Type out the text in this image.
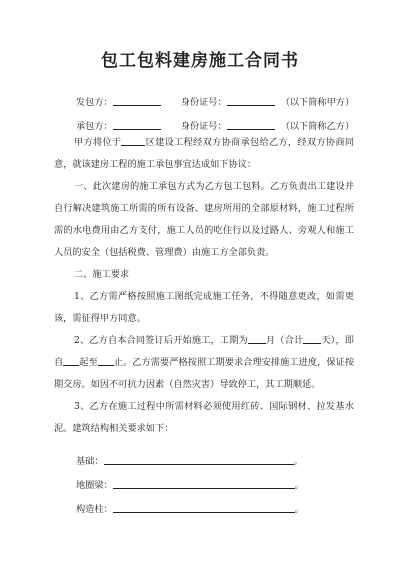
包工包料建房施工合同书
发包方：	身份证号：	（以下简称甲方）
承包方：	身份证号：	（以下简称乙方）

甲方将位于	区建设工程经双方协商承包给乙方，经双方协商同意，就该建房工程的施工承包事宜达成如下协议：

一、此次建房的施工承包方式为乙方包工包料。乙方负责出工建设并自行解决建筑施工所需的所有设备、建房所用的全部原材料，施工过程所需的水电费用由乙方支付，施工人员的吃住行以及过路人、旁观人和施工人员的安全（包括税费、管理费）由施工方全部负责。

二、施工要求

1、乙方需严格按照施工图纸完成施工任务，不得随意更改，如需更该，需征得甲方同意。

2、乙方自本合同签订后开始施工，工期为 月（合计 天），即自 起至 止。乙方需要严格按照工期要求合理安排施工进度，保证按期交房。如因不可抗力因素（自然灾害）导致停工，其工期顺延。

3、乙方在施工过程中所需材料必须使用红砖、国际钢材、拉发基水泥。建筑结构相关要求如下：

基础：	。
地圈梁：	。
构造柱：	。
